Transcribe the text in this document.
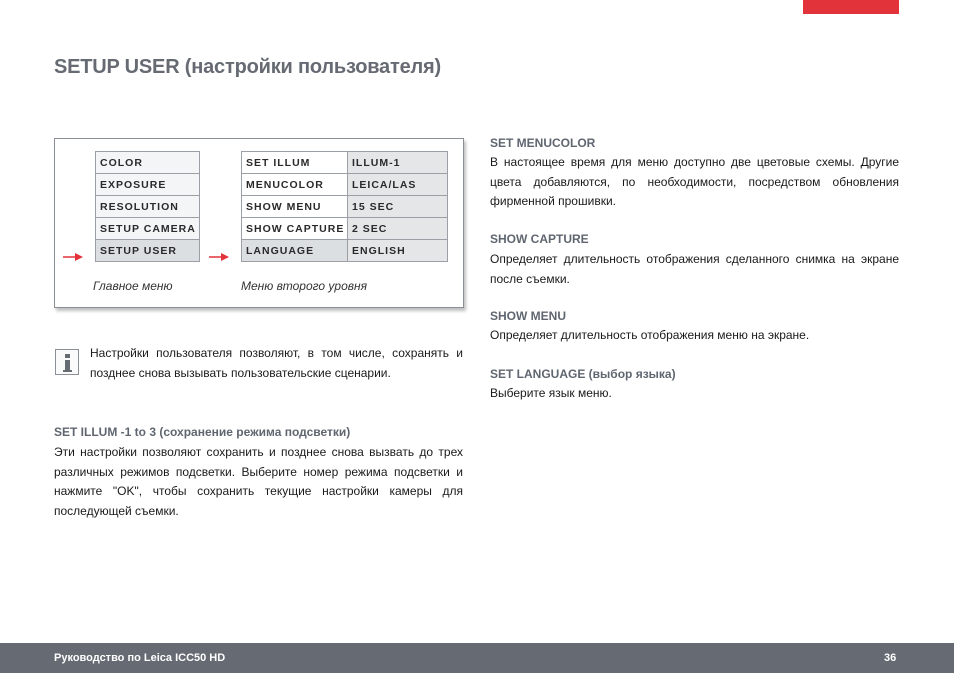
SETUP USER (настройки пользователя)
COLOR
EXPOSURE
RESOLUTION
SETUP CAMERA
SETUP USER
SET ILLUM	ILLUM-1
MENUCOLOR	LEICA/LAS
SHOW MENU	15 SEC
SHOW CAPTURE	2 SEC
LANGUAGE	ENGLISH
Главное меню	Меню второго уровня
Настройки пользователя позволяют, в том числе, сохранять и позднее снова вызывать пользовательские сценарии.
SET ILLUM -1 to 3 (сохранение режима подсветки)
Эти настройки позволяют сохранить и позднее снова вызвать до трех различных режимов подсветки. Выберите номер режима подсветки и нажмите "OK", чтобы сохранить текущие настройки камеры для последующей съемки.
SET MENUCOLOR
В настоящее время для меню доступно две цветовые схемы. Другие цвета добавляются, по необходимости, посредством обновления фирменной прошивки.
SHOW CAPTURE
Определяет длительность отображения сделанного снимка на экране после съемки.
SHOW MENU
Определяет длительность отображения меню на экране.
SET LANGUAGE (выбор языка)
Выберите язык меню.
Руководство по Leica ICC50 HD	36
